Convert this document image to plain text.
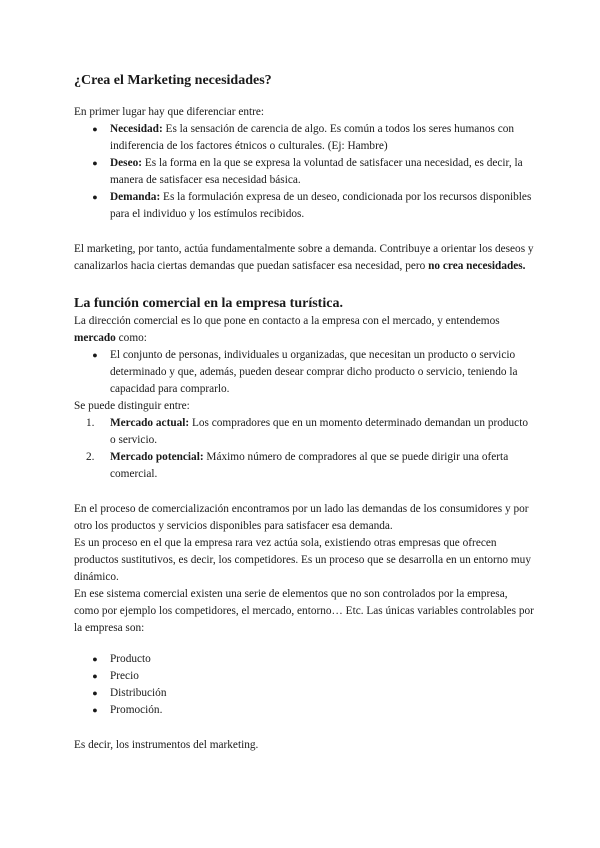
¿Crea el Marketing necesidades?

En primer lugar hay que diferenciar entre:

● Necesidad: Es la sensación de carencia de algo. Es común a todos los seres humanos con indiferencia de los factores étnicos o culturales. (Ej: Hambre)
● Deseo: Es la forma en la que se expresa la voluntad de satisfacer una necesidad, es decir, la manera de satisfacer esa necesidad básica.
● Demanda: Es la formulación expresa de un deseo, condicionada por los recursos disponibles para el individuo y los estímulos recibidos.

El marketing, por tanto, actúa fundamentalmente sobre a demanda. Contribuye a orientar los deseos y canalizarlos hacia ciertas demandas que puedan satisfacer esa necesidad, pero no crea necesidades.

La función comercial en la empresa turística.

La dirección comercial es lo que pone en contacto a la empresa con el mercado, y entendemos mercado como:

● El conjunto de personas, individuales u organizadas, que necesitan un producto o servicio determinado y que, además, pueden desear comprar dicho producto o servicio, teniendo la capacidad para comprarlo.

Se puede distinguir entre:

1.	Mercado actual: Los compradores que en un momento determinado demandan un producto o servicio.
2.	Mercado potencial: Máximo número de compradores al que se puede dirigir una oferta comercial.

En el proceso de comercialización encontramos por un lado las demandas de los consumidores y por otro los productos y servicios disponibles para satisfacer esa demanda.

Es un proceso en el que la empresa rara vez actúa sola, existiendo otras empresas que ofrecen productos sustitutivos, es decir, los competidores. Es un proceso que se desarrolla en un entorno muy dinámico.

En ese sistema comercial existen una serie de elementos que no son controlados por la empresa, como por ejemplo los competidores, el mercado, entorno… Etc. Las únicas variables controlables por la empresa son:

● Producto
● Precio
● Distribución
● Promoción.

Es decir, los instrumentos del marketing.
